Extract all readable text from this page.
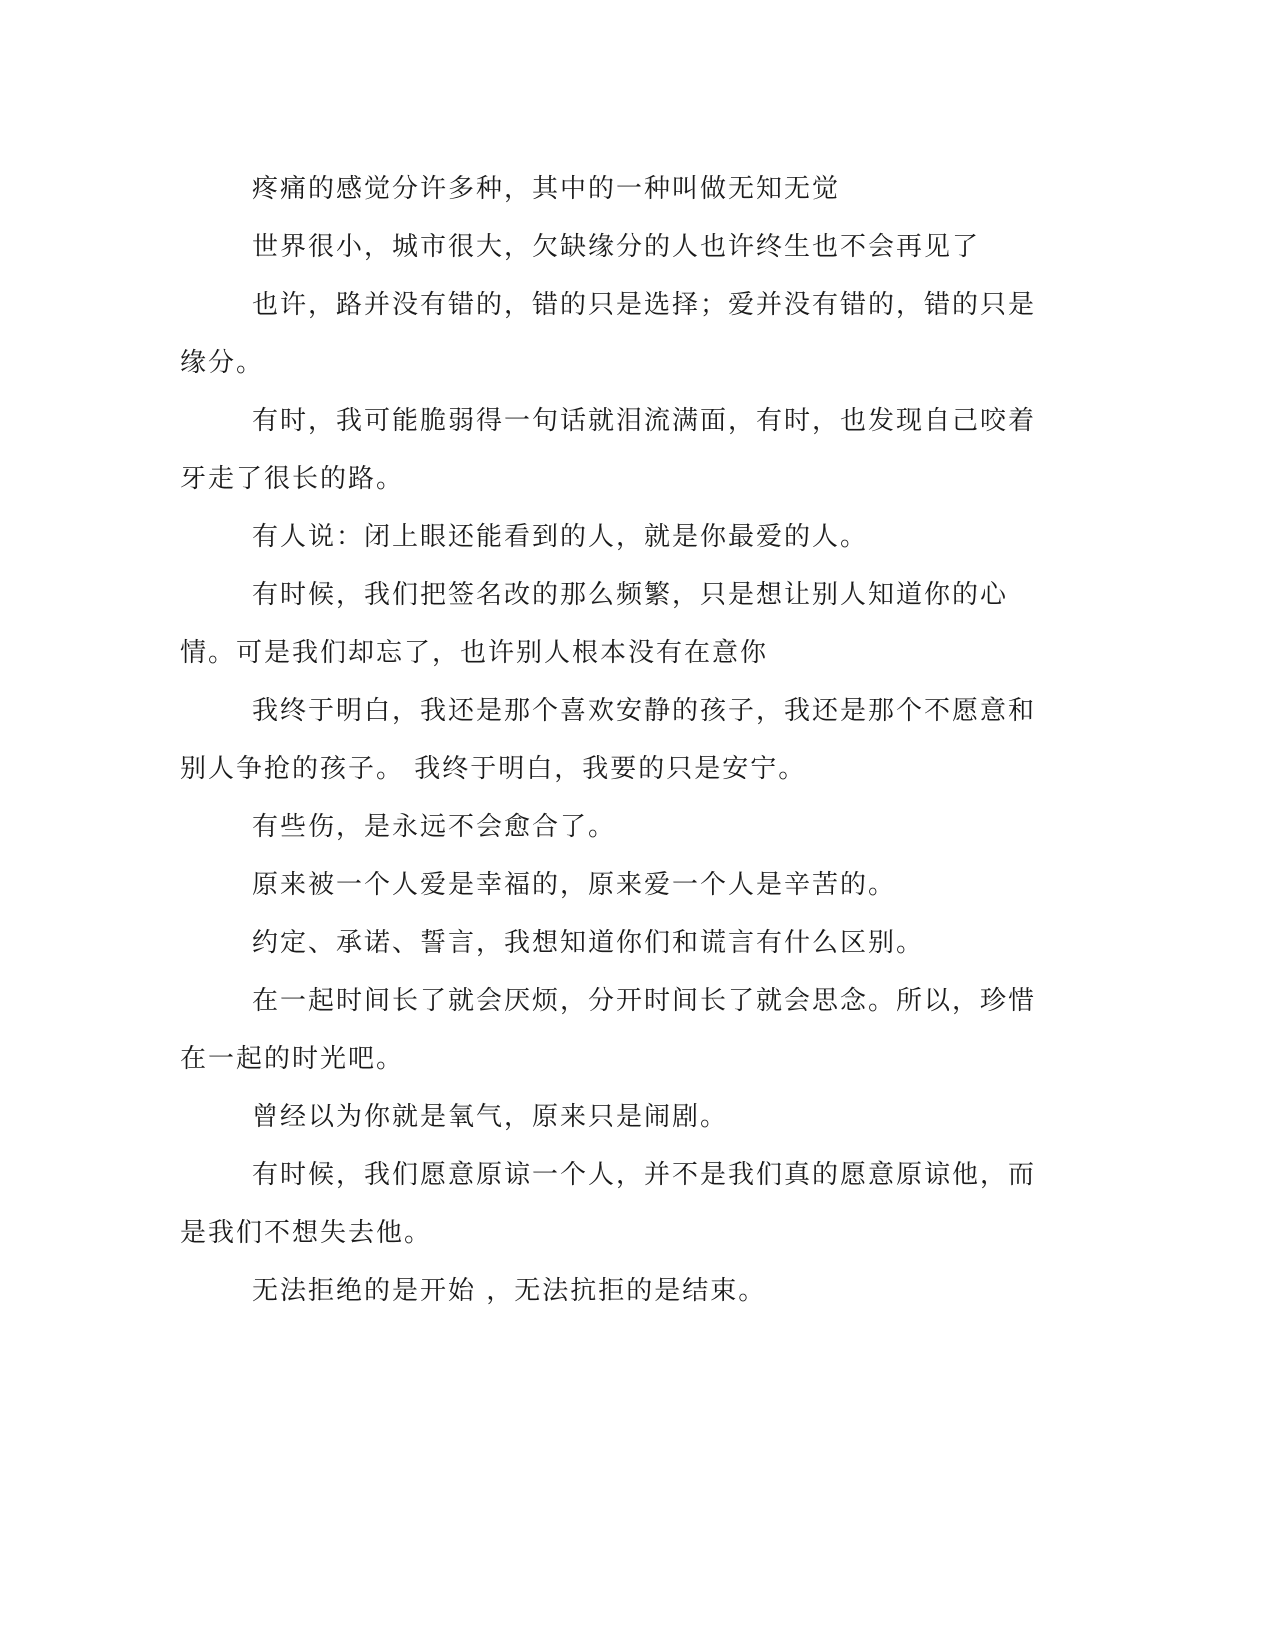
疼痛的感觉分许多种，其中的一种叫做无知无觉

世界很小，城市很大，欠缺缘分的人也许终生也不会再见了

也许，路并没有错的，错的只是选择；爱并没有错的，错的只是缘分。

有时，我可能脆弱得一句话就泪流满面，有时，也发现自己咬着牙走了很长的路。

有人说：闭上眼还能看到的人，就是你最爱的人。

有时候，我们把签名改的那么频繁，只是想让别人知道你的心情。可是我们却忘了，也许别人根本没有在意你

我终于明白，我还是那个喜欢安静的孩子，我还是那个不愿意和别人争抢的孩子。 我终于明白，我要的只是安宁。

有些伤，是永远不会愈合了。

原来被一个人爱是幸福的，原来爱一个人是辛苦的。

约定、承诺、誓言，我想知道你们和谎言有什么区别。

在一起时间长了就会厌烦，分开时间长了就会思念。所以，珍惜在一起的时光吧。

曾经以为你就是氧气，原来只是闹剧。

有时候，我们愿意原谅一个人，并不是我们真的愿意原谅他，而是我们不想失去他。

无法拒绝的是开始 ，无法抗拒的是结束。
